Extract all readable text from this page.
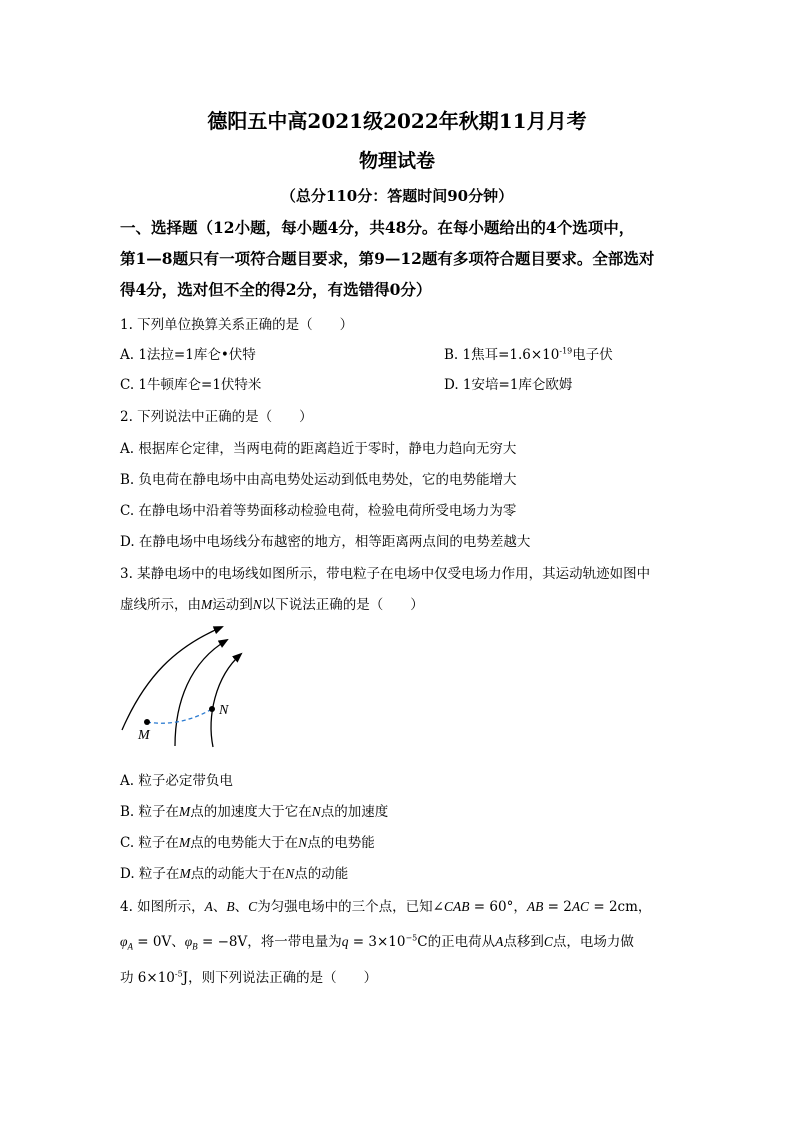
德阳五中高2021级2022年秋期11月月考
物理试卷
（总分110分：答题时间90分钟）
一、选择题（12小题，每小题4分，共48分。在每小题给出的4个选项中，
第1—8题只有一项符合题目要求，第9—12题有多项符合题目要求。全部选对
得4分，选对但不全的得2分，有选错得0分）
1. 下列单位换算关系正确的是（　　）
A. 1法拉=1库仑•伏特	B. 1焦耳$=1.6\times 10^{-19}$电子伏
C. 1牛顿库仑=1伏特米	D. 1安培=1库仑欧姆
2. 下列说法中正确的是（　　）
A. 根据库仑定律，当两电荷的距离趋近于零时，静电力趋向无穷大
B. 负电荷在静电场中由高电势处运动到低电势处，它的电势能增大
C. 在静电场中沿着等势面移动检验电荷，检验电荷所受电场力为零
D. 在静电场中电场线分布越密的地方，相等距离两点间的电势差越大
3. 某静电场中的电场线如图所示，带电粒子在电场中仅受电场力作用，其运动轨迹如图中
虚线所示，由M运动到N以下说法正确的是（　　）
M
N
A. 粒子必定带负电
B. 粒子在M点的加速度大于它在N点的加速度
C. 粒子在M点的电势能大于在N点的电势能
D. 粒子在M点的动能大于在N点的动能
4. 如图所示，A、B、C为匀强电场中的三个点，已知∠CAB = 60°，AB = 2AC = 2cm，
$\varphi_A = 0V$、$\varphi_B = -8V$，将一带电量为$q = 3\times 10^{-5}C$的正电荷从A点移到C点，电场力做
功 $6\times 10^{-5}J$，则下列说法正确的是（　　）
